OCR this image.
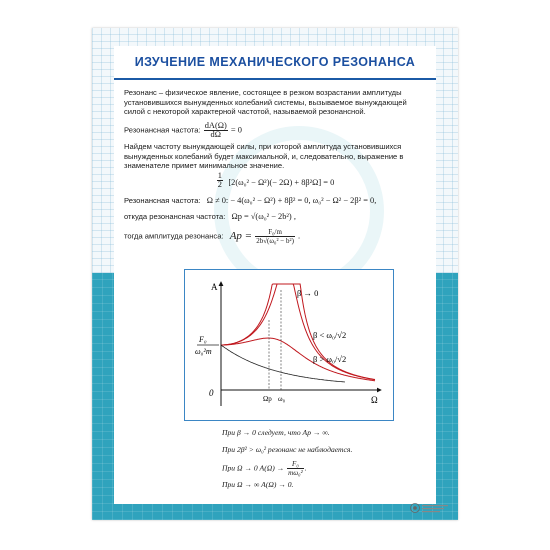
ИЗУЧЕНИЕ МЕХАНИЧЕСКОГО РЕЗОНАНСА

Резонанс – физическое явление, состоящее в резком возрастании амплитуды установившихся вынужденных колебаний системы, вызываемое вынуждающей силой с некоторой характерной частотой, называемой резонансной.

Резонансная частота: $\frac{dA(\Omega)}{d\Omega} = 0$

Найдем частоту вынуждающей силы, при которой амплитуда установившихся вынужденных колебаний будет максимальной, и, следовательно, выражение в знаменателе примет минимальное значение.

$\frac{1}{2} [2(\omega_0^2 - \Omega^2)(- 2\Omega) + 8\beta^2\Omega] = 0$
Резонансная частота: Ω ≠ 0: − 4(ω₀² − Ω²) + 8β² = 0, ω₀² − Ω² − 2β² = 0,
откуда резонансная частота: Ωр = √(ω₀² − 2b²) ,
тогда амплитуда резонанса: Aр = $\frac{\text{F₀/m}}{\text{2b√(ω₀² − b²)}}$ .
A
Ω
0
F₀
ω₀²m
Ωр ω₀
β → 0
β < ω₀/√2
β > ω₀/√2
При β → 0 следует, что Aр → ∞.
При 2β² > ω₀² резонанс не наблюдается.
При Ω → 0 $A(\Omega) \to \frac{\text{F₀}}{\text{mω₀²}}$ .
При Ω → ∞ A(Ω) → 0.
